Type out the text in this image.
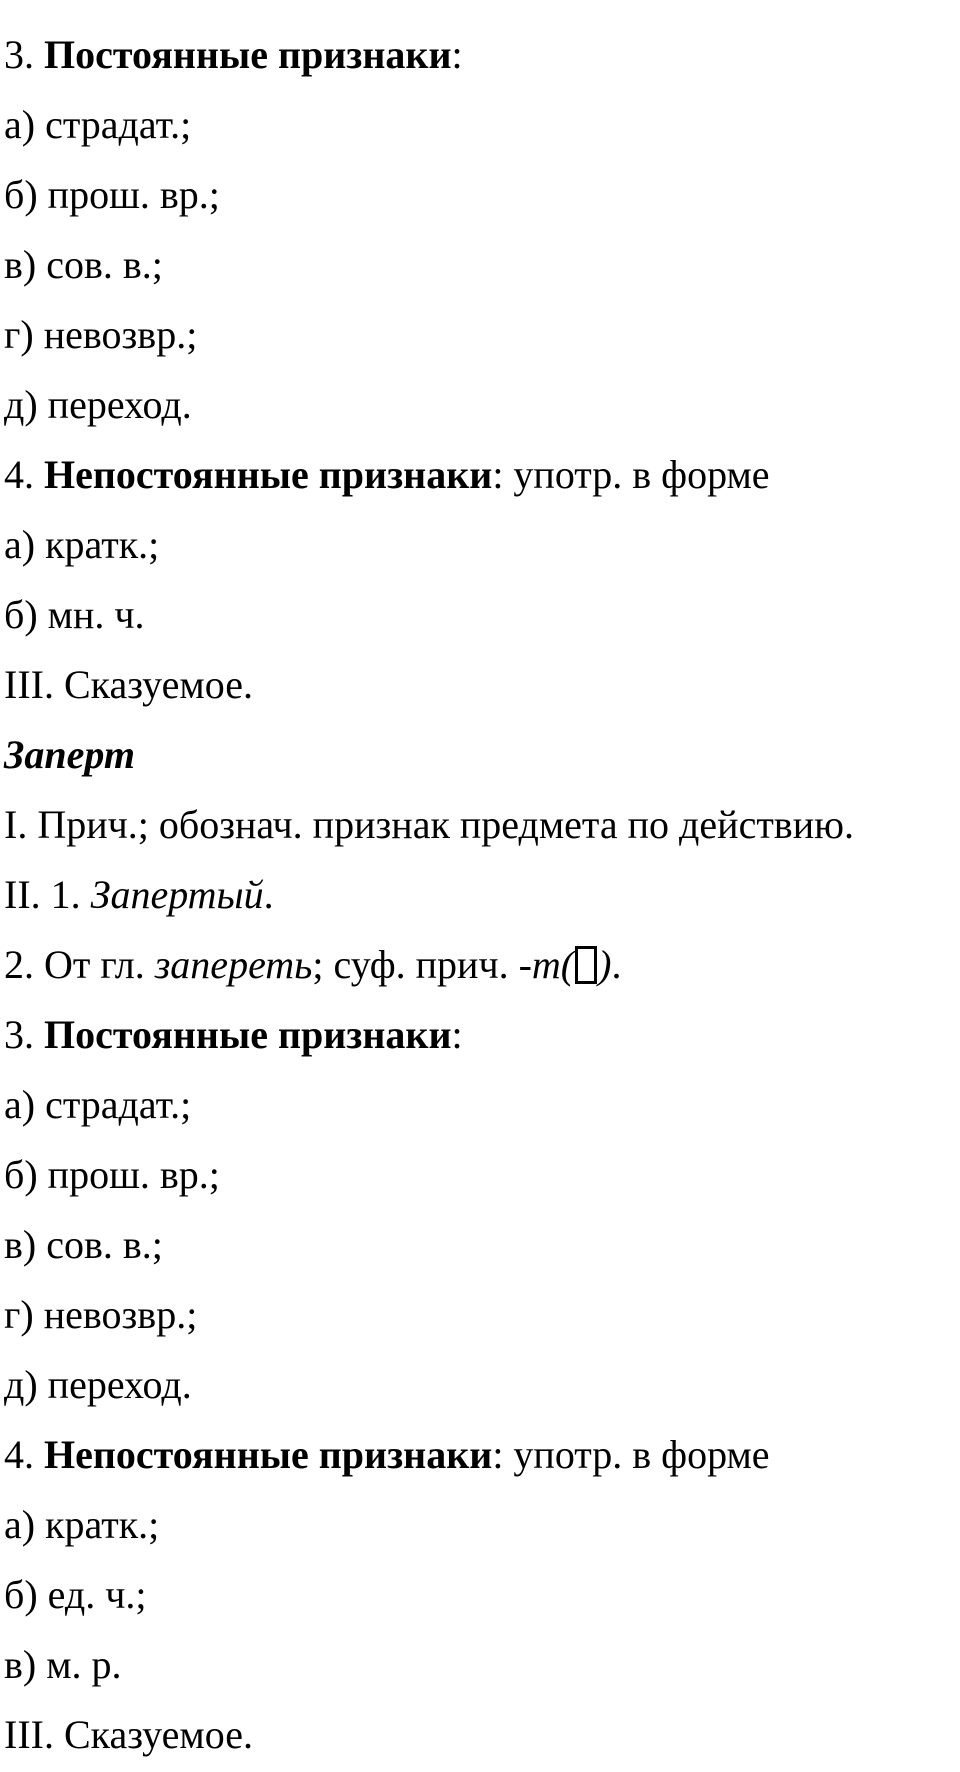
3. Постоянные признаки:
а) страдат.;
б) прош. вр.;
в) сов. в.;
г) невозвр.;
д) переход.
4. Непостоянные признаки: употр. в форме
а) кратк.;
б) мн. ч.
III. Сказуемое.
Заперт
I. Прич.; обознач. признак предмета по действию.
II. 1. Запертый.
2. От гл. запереть; суф. прич. -т( ).
3. Постоянные признаки:
а) страдат.;
б) прош. вр.;
в) сов. в.;
г) невозвр.;
д) переход.
4. Непостоянные признаки: употр. в форме
а) кратк.;
б) ед. ч.;
в) м. р.
III. Сказуемое.
